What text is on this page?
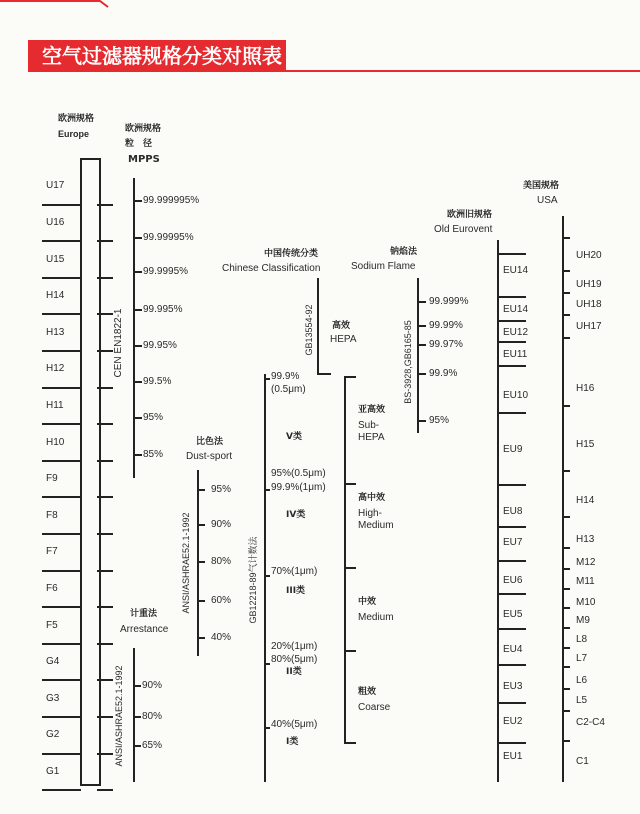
空气过滤器规格分类对照表
欧洲规格
Europe
U17
U16
U15
H14
H13
H12
H11
H10
F9
F8
F7
F6
F5
G4
G3
G2
G1
欧洲规格
粒　径
MPPS
CEN EN1822-1
99.999995%
99.99995%
99.9995%
99.995%
99.95%
99.5%
95%
85%
计重法
Arrestance
ANSI/ASHRAE52.1-1992 90%
80%
65%
比色法
Dust-sport
ANSI/ASHRAE52.1-1992
95%
90%
80%
60%
40%
中国传统分类
Chinese Classification
GB12218-89气计数法
99.9%
(0.5μm)
95%(0.5μm)
99.9%(1μm)
70%(1μm)
20%(1μm)
80%(5μm)
40%(5μm)
V类
IV类
III类
II类
I类
GB13554-92 高效
HEPA
亚高效
Sub-
HEPA
高中效
High-
Medium
中效
Medium
粗效
Coarse
钠焰法
Sodium Flame
BS-3928,GB6165-85
99.999%
99.99%
99.97%
99.9%
95%
欧洲旧规格
Old Eurovent
EU14
EU14
EU12
EU11
EU10
EU9
EU8
EU7
EU6
EU5
EU4
EU3
EU2
EU1
美国规格
USA
UH20
UH19
UH18
UH17
H16
H15
H14
H13
M12
M11
M10
M9
L8
L7
L6
L5
C2-C4
C1
